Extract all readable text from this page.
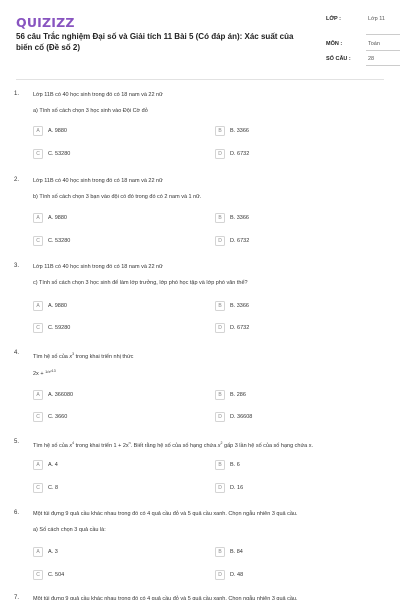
QUIZIZZ
56 câu Trắc nghiệm Đại số và Giải tích 11 Bài 5 (Có đáp án): Xác suất của biến cố (Đề số 2)
LỚP :	Lớp 11
MÔN :	Toán
SỐ CÂU :	28
1.	Lớp 11B có 40 học sinh trong đó có 18 nam và 22 nữ
a) Tính số cách chọn 3 học sinh vào Đội Cờ đỏ
A	A. 9880	B	B. 3366
C	C. 53280	D	D. 6732
2.	Lớp 11B có 40 học sinh trong đó có 18 nam và 22 nữ
b) Tính số cách chọn 3 bạn vào đội có đó trong đó có 2 nam và 1 nữ.
A	A. 9880	B	B. 3366
C	C. 53280	D	D. 6732
3.	Lớp 11B có 40 học sinh trong đó có 18 nam và 22 nữ
c) Tính số cách chọn 3 học sinh để làm lớp trưởng, lớp phó học tập và lớp phó văn thể?
A	A. 9880	B	B. 3366
C	C. 59280	D	D. 6732
4.
Tìm hệ số của $x^3$ trong khai triển nhị thức
2x + 1/x²$^{13}$
A	A. 366080	B	B. 286
C	C. 3660	D	D. 36608
5.
Tìm hệ số của $x^4$ trong khai triển $1 + 2x^n$. Biết rằng hệ số của số hạng chứa $x^2$ gấp 3 lần hệ số của số hạng chứa x.
A	A. 4	B	B. 6
C	C. 8	D	D. 16
6.	Một túi đựng 9 quả cầu khác nhau trong đó có 4 quả cầu đỏ và 5 quả cầu xanh. Chọn ngẫu nhiên 3 quả cầu.
a) Số cách chọn 3 quả cầu là:
A	A. 3	B	B. 84
C	C. 504	D	D. 48
7.	Một túi đựng 9 quả cầu khác nhau trong đó có 4 quả cầu đỏ và 5 quả cầu xanh. Chọn ngẫu nhiên 3 quả cầu.
